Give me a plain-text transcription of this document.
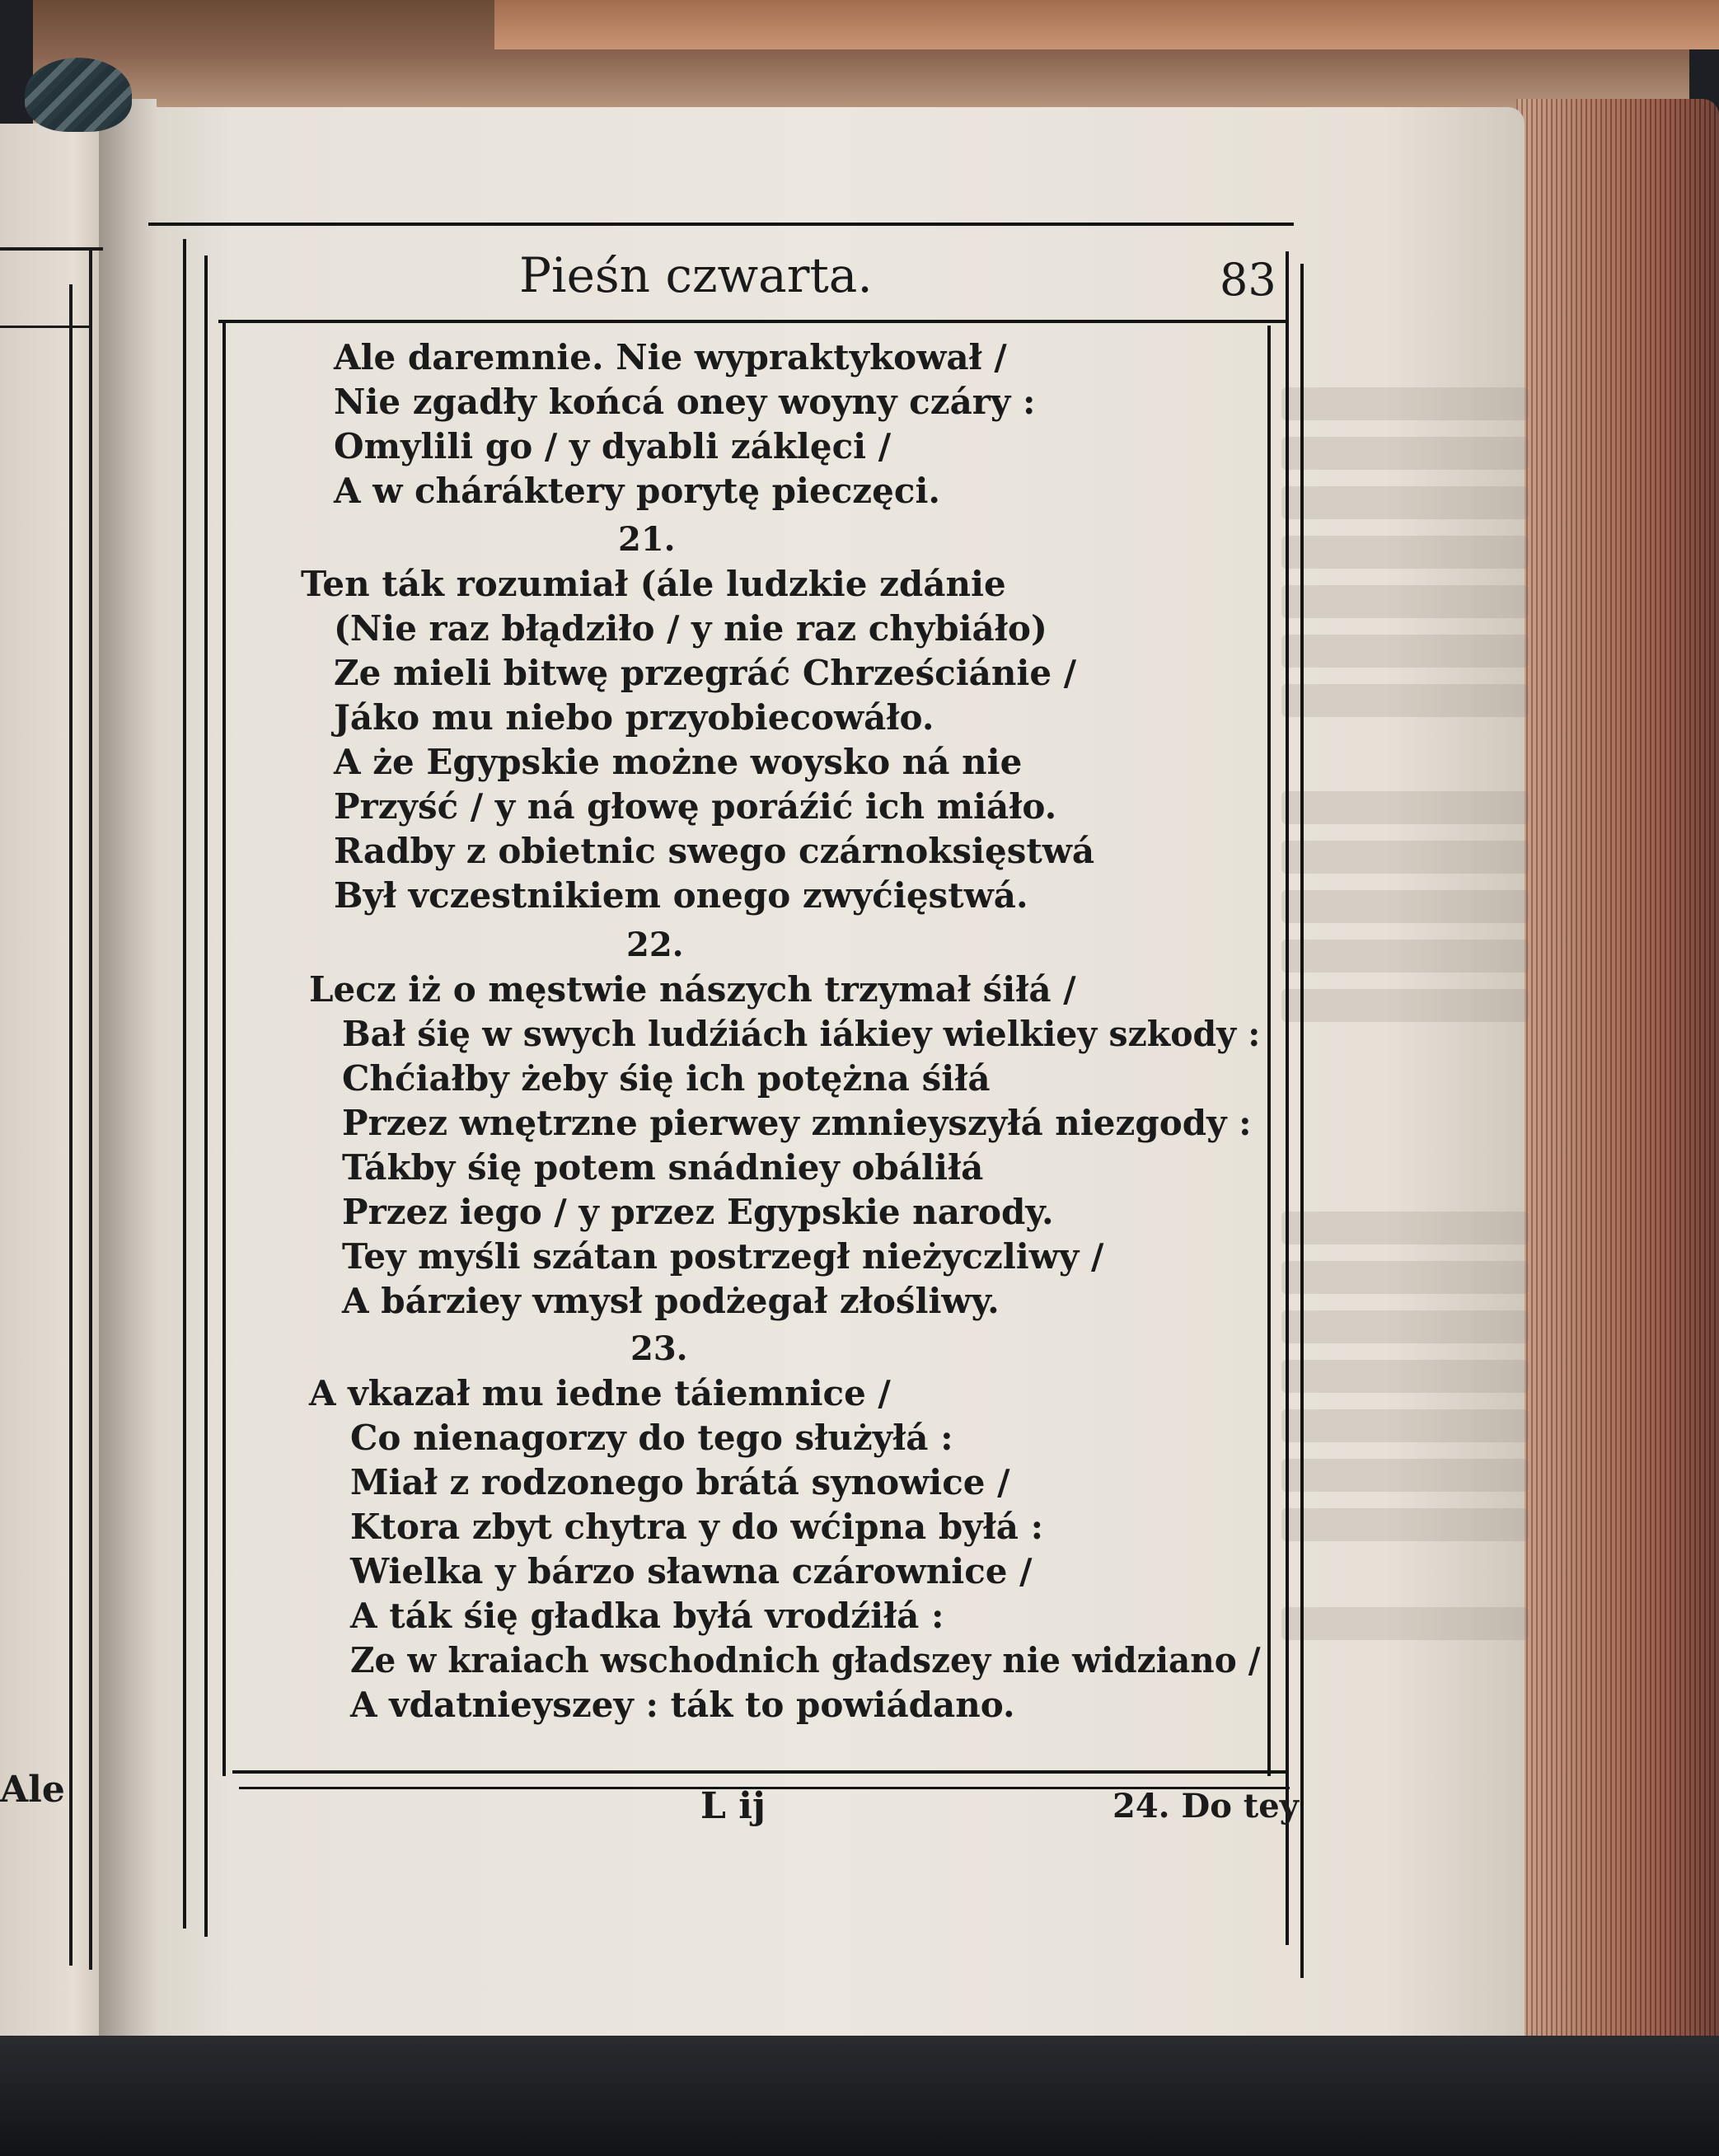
Ale
Pieśn czwarta.	83
Ale daremnie. Nie wypraktykował /
Nie zgadły końcá oney woyny czáry :
Omylili go / y dyabli záklęci /
A w cháráktery porytę pieczęci.
21.
Ten ták rozumiał (ále ludzkie zdánie
(Nie raz błądziło / y nie raz chybiáło)
Ze mieli bitwę przegráć Chrześciánie /
Jáko mu niebo przyobiecowáło.
A że Egypskie możne woysko ná nie
Przyść / y ná głowę poráźić ich miáło.
Radby z obietnic swego czárnoksięstwá
Był vczestnikiem onego zwyćięstwá.
22.
Lecz iż o męstwie nászych trzymał śiłá /
Bał śię w swych ludźiách iákiey wielkiey szkody :
Chćiałby żeby śię ich potężna śiłá
Przez wnętrzne pierwey zmnieyszyłá niezgody :
Tákby śię potem snádniey obáliłá
Przez iego / y przez Egypskie narody.
Tey myśli szátan postrzegł nieżyczliwy /
A bárziey vmysł podżegał złośliwy.
23.
A vkazał mu iedne táiemnice /
Co nienagorzy do tego służyłá :
Miał z rodzonego brátá synowice /
Ktora zbyt chytra y do wćipna byłá :
Wielka y bárzo sławna czárownice /
A ták śię gładka byłá vrodźiłá :
Ze w kraiach wschodnich gładszey nie widziano /
A vdatnieyszey : ták to powiádano.
L ij	24. Do tey
